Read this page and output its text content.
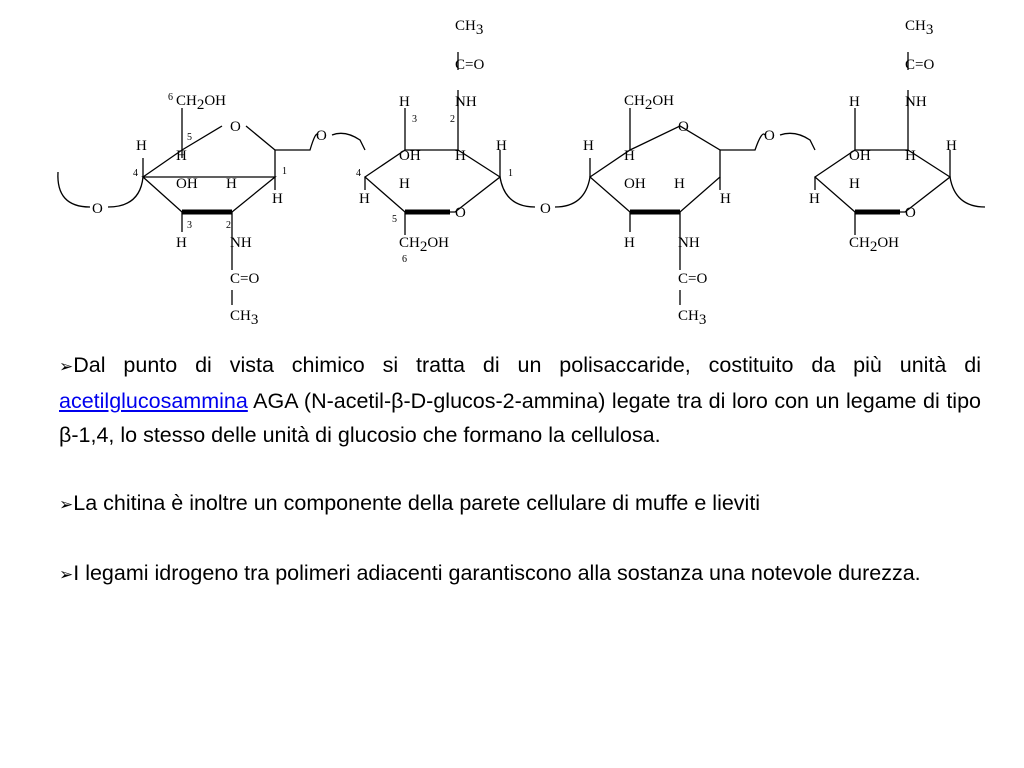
O
O
O
O
6 CH2OH
O
5
H
H
4
OH H
1
H
3	2
H	NH
C=O
CH3
CH3
C=O
H	NH
3	2
OH H
H
4	1
H
H
O
5
CH2OH
6
CH2OH
O
H
H
OH H
H
H	NH
C=O
CH3
CH3
C=O
H	NH
OH H
H
H
H
O
CH2OH

➢Dal punto di vista chimico si tratta di un polisaccaride, costituito da più unità di acetilglucosammina AGA (N-acetil-β-D-glucos-2-ammina) legate tra di loro con un legame di tipo β-1,4, lo stesso delle unità di glucosio che formano la cellulosa.

➢La chitina è inoltre un componente della parete cellulare di muffe e lieviti

➢I legami idrogeno tra polimeri adiacenti garantiscono alla sostanza una notevole durezza.
